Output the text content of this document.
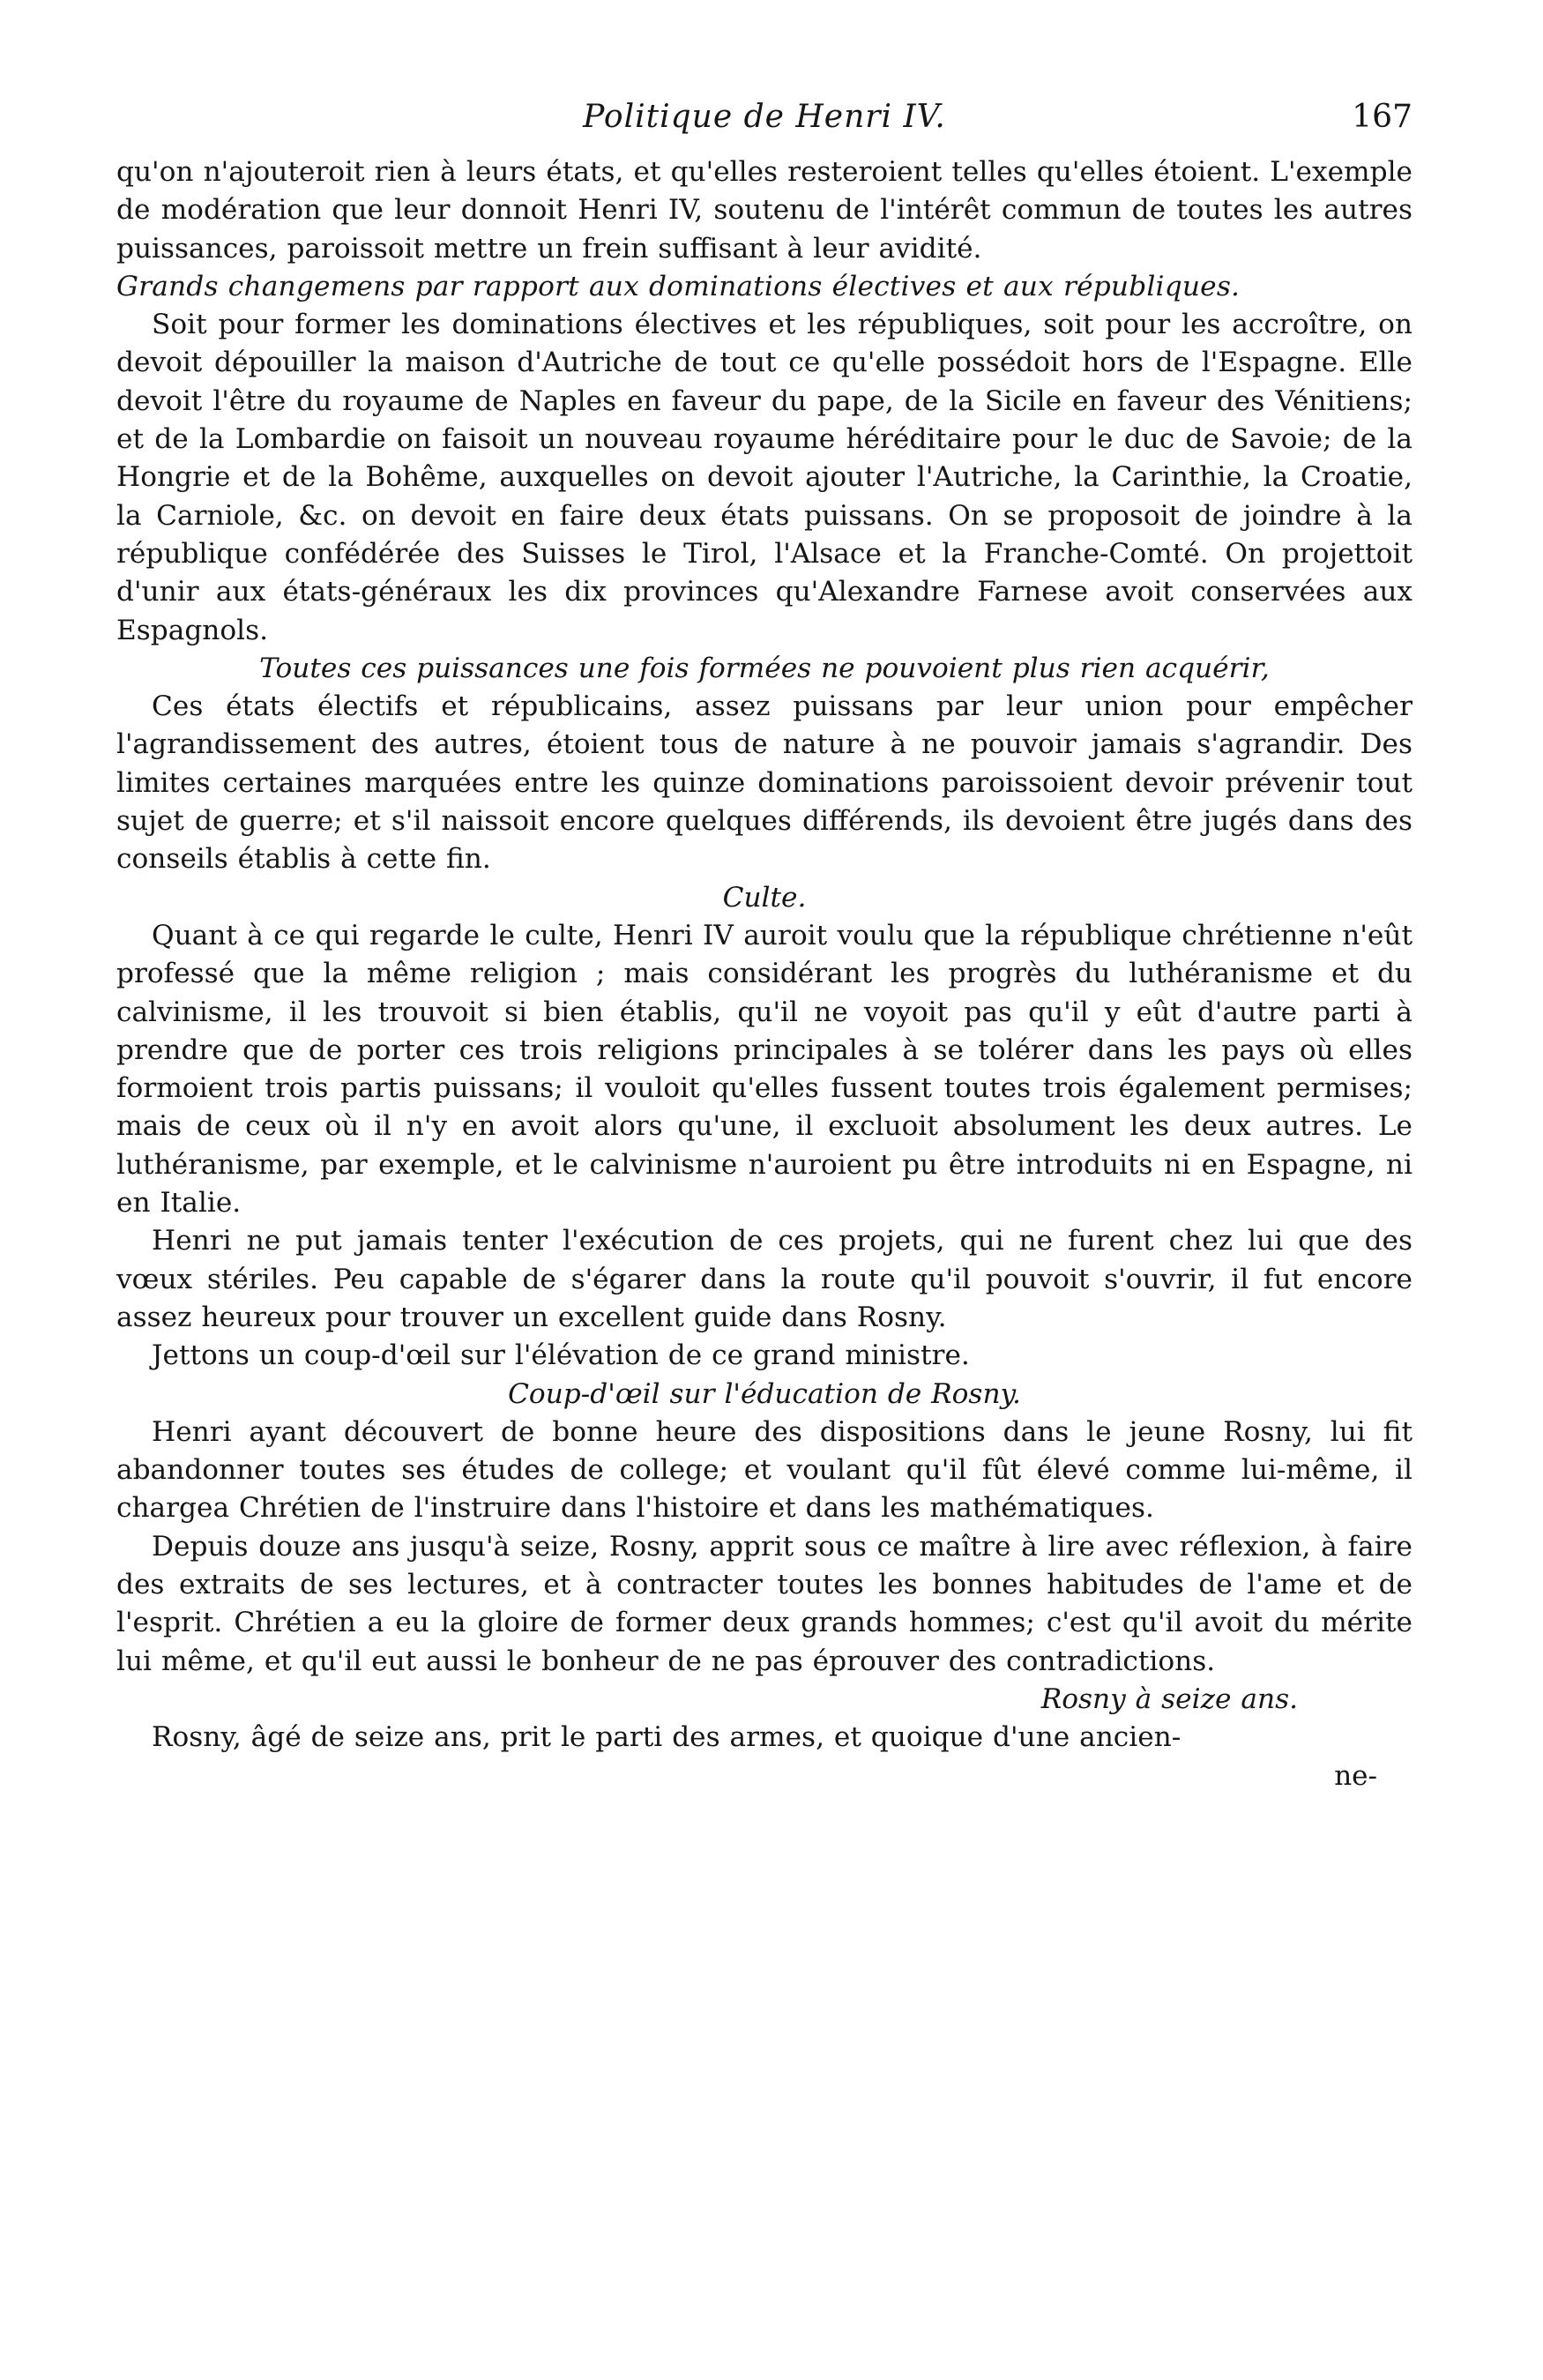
Politique de Henri IV.	167

qu'on n'ajouteroit rien à leurs états, et qu'elles resteroient telles qu'elles étoient. L'exemple de modération que leur donnoit Henri IV, soutenu de l'intérêt commun de toutes les autres puissances, paroissoit mettre un frein suffisant à leur avidité.

Grands changemens par rapport aux dominations électives et aux républiques.

Soit pour former les dominations électives et les républiques, soit pour les accroître, on devoit dépouiller la maison d'Autriche de tout ce qu'elle possédoit hors de l'Espagne. Elle devoit l'être du royaume de Naples en faveur du pape, de la Sicile en faveur des Vénitiens; et de la Lombardie on faisoit un nouveau royaume héréditaire pour le duc de Savoie; de la Hongrie et de la Bohême, auxquelles on devoit ajouter l'Autriche, la Carinthie, la Croatie, la Carniole, &c. on devoit en faire deux états puissans. On se proposoit de joindre à la république confédérée des Suisses le Tirol, l'Alsace et la Franche-Comté. On projettoit d'unir aux états-généraux les dix provinces qu'Alexandre Farnese avoit conservées aux Espagnols.

Toutes ces puissances une fois formées ne pouvoient plus rien acquérir,

Ces états électifs et républicains, assez puissans par leur union pour empêcher l'agrandissement des autres, étoient tous de nature à ne pouvoir jamais s'agrandir. Des limites certaines marquées entre les quinze dominations paroissoient devoir prévenir tout sujet de guerre; et s'il naissoit encore quelques différends, ils devoient être jugés dans des conseils établis à cette fin.

Culte.

Quant à ce qui regarde le culte, Henri IV auroit voulu que la république chrétienne n'eût professé que la même religion ; mais considérant les progrès du luthéranisme et du calvinisme, il les trouvoit si bien établis, qu'il ne voyoit pas qu'il y eût d'autre parti à prendre que de porter ces trois religions principales à se tolérer dans les pays où elles formoient trois partis puissans; il vouloit qu'elles fussent toutes trois également permises; mais de ceux où il n'y en avoit alors qu'une, il excluoit absolument les deux autres. Le luthéranisme, par exemple, et le calvinisme n'auroient pu être introduits ni en Espagne, ni en Italie.

Henri ne put jamais tenter l'exécution de ces projets, qui ne furent chez lui que des vœux stériles. Peu capable de s'égarer dans la route qu'il pouvoit s'ouvrir, il fut encore assez heureux pour trouver un excellent guide dans Rosny.

Jettons un coup-d'œil sur l'élévation de ce grand ministre.

Coup-d'œil sur l'éducation de Rosny.

Henri ayant découvert de bonne heure des dispositions dans le jeune Rosny, lui fit abandonner toutes ses études de college; et voulant qu'il fût élevé comme lui-même, il chargea Chrétien de l'instruire dans l'histoire et dans les mathématiques.

Depuis douze ans jusqu'à seize, Rosny, apprit sous ce maître à lire avec réflexion, à faire des extraits de ses lectures, et à contracter toutes les bonnes habitudes de l'ame et de l'esprit. Chrétien a eu la gloire de former deux grands hommes; c'est qu'il avoit du mérite lui même, et qu'il eut aussi le bonheur de ne pas éprouver des contradictions.

Rosny à seize ans.

Rosny, âgé de seize ans, prit le parti des armes, et quoique d'une ancien-

ne-
